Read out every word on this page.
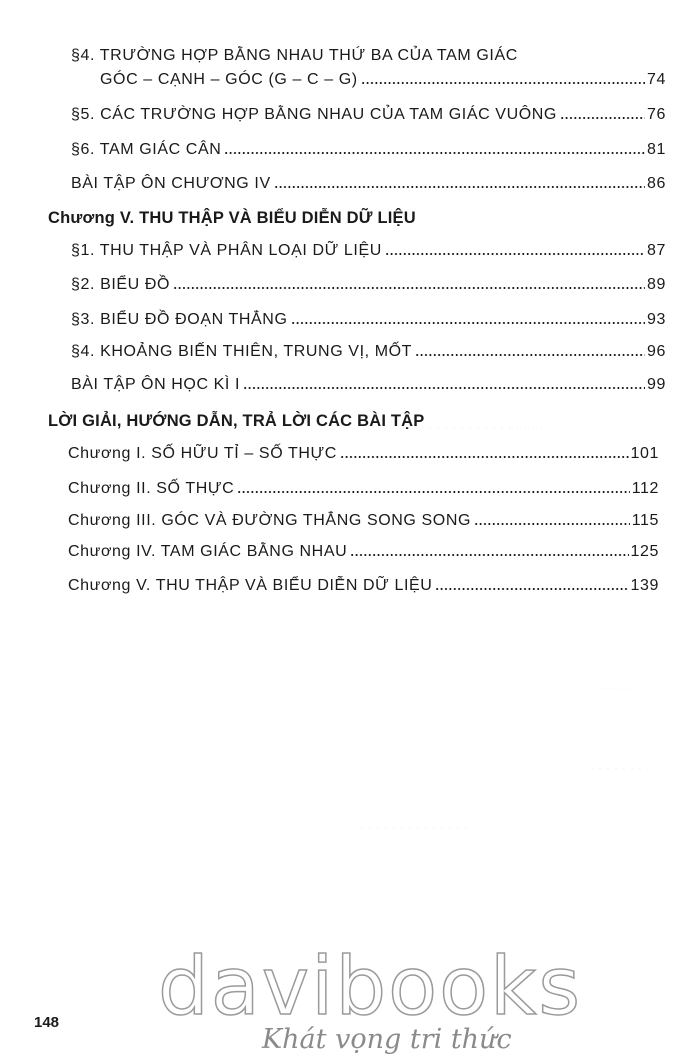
· · · · · · · · · · · · · · · ·
· · · · · ·
· · · · · · · ·
· · · · · · · · · · · · · ·
§4. TRƯỜNG HỢP BẰNG NHAU THỨ BA CỦA TAM GIÁC
GÓC – CẠNH – GÓC (G – C – G)	74
§5. CÁC TRƯỜNG HỢP BẰNG NHAU CỦA TAM GIÁC VUÔNG	76
§6. TAM GIÁC CÂN	81
BÀI TẬP ÔN CHƯƠNG IV	86
Chương V. THU THẬP VÀ BIỂU DIỄN DỮ LIỆU
§1. THU THẬP VÀ PHÂN LOẠI DỮ LIỆU	87
§2. BIỂU ĐỒ	89
§3. BIỂU ĐỒ ĐOẠN THẲNG	93
§4. KHOẢNG BIẾN THIÊN, TRUNG VỊ, MỐT	96
BÀI TẬP ÔN HỌC KÌ I	99
LỜI GIẢI, HƯỚNG DẪN, TRẢ LỜI CÁC BÀI TẬP
Chương I. SỐ HỮU TỈ – SỐ THỰC	101
Chương II. SỐ THỰC	112
Chương III. GÓC VÀ ĐƯỜNG THẲNG SONG SONG	115
Chương IV. TAM GIÁC BẰNG NHAU	125
Chương V. THU THẬP VÀ BIỂU DIỄN DỮ LIỆU	139
davibooks
Khát vọng tri thức
148
